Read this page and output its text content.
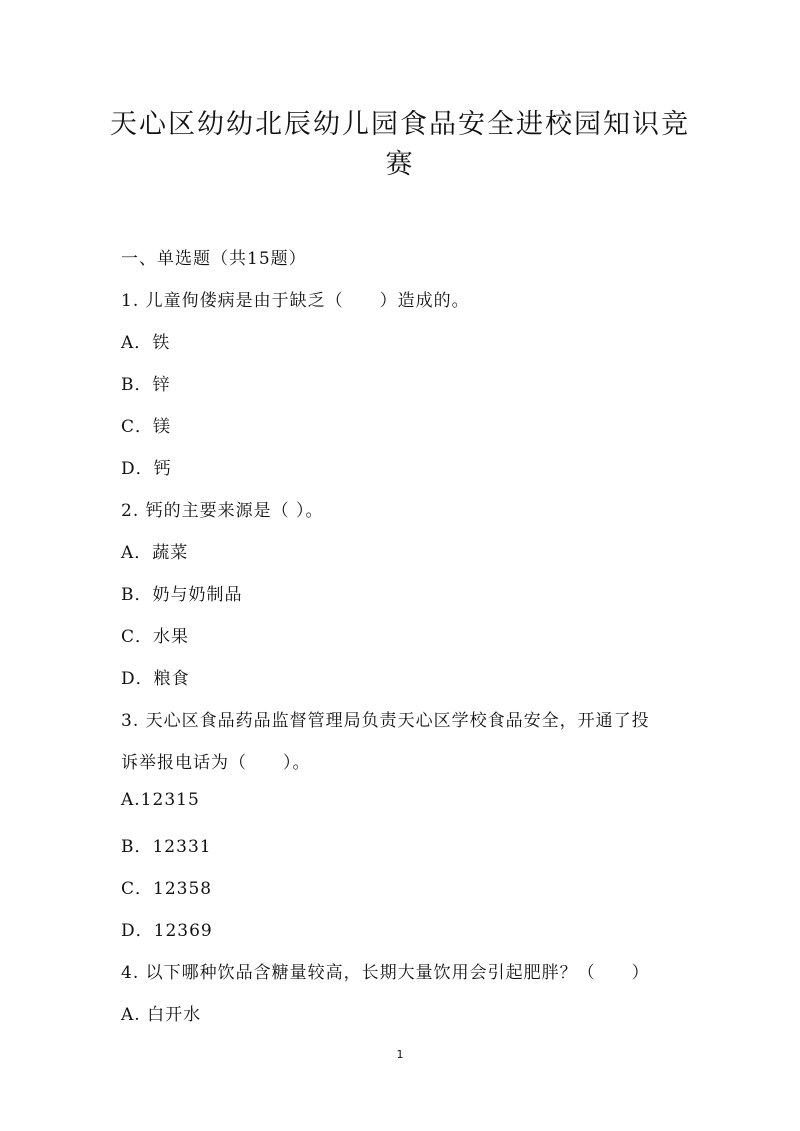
天心区幼幼北辰幼儿园食品安全进校园知识竞
赛
一、单选题（共15题）
1. 儿童佝偻病是由于缺乏（　　）造成的。
A．铁
B．锌
C．镁
D．钙
2. 钙的主要来源是（ ）。
A．蔬菜
B．奶与奶制品
C．水果
D．粮食
3. 天心区食品药品监督管理局负责天心区学校食品安全，开通了投
诉举报电话为（　　）。
A.12315
B．12331
C．12358
D．12369
4. 以下哪种饮品含糖量较高，长期大量饮用会引起肥胖？（　　）
A. 白开水
1
